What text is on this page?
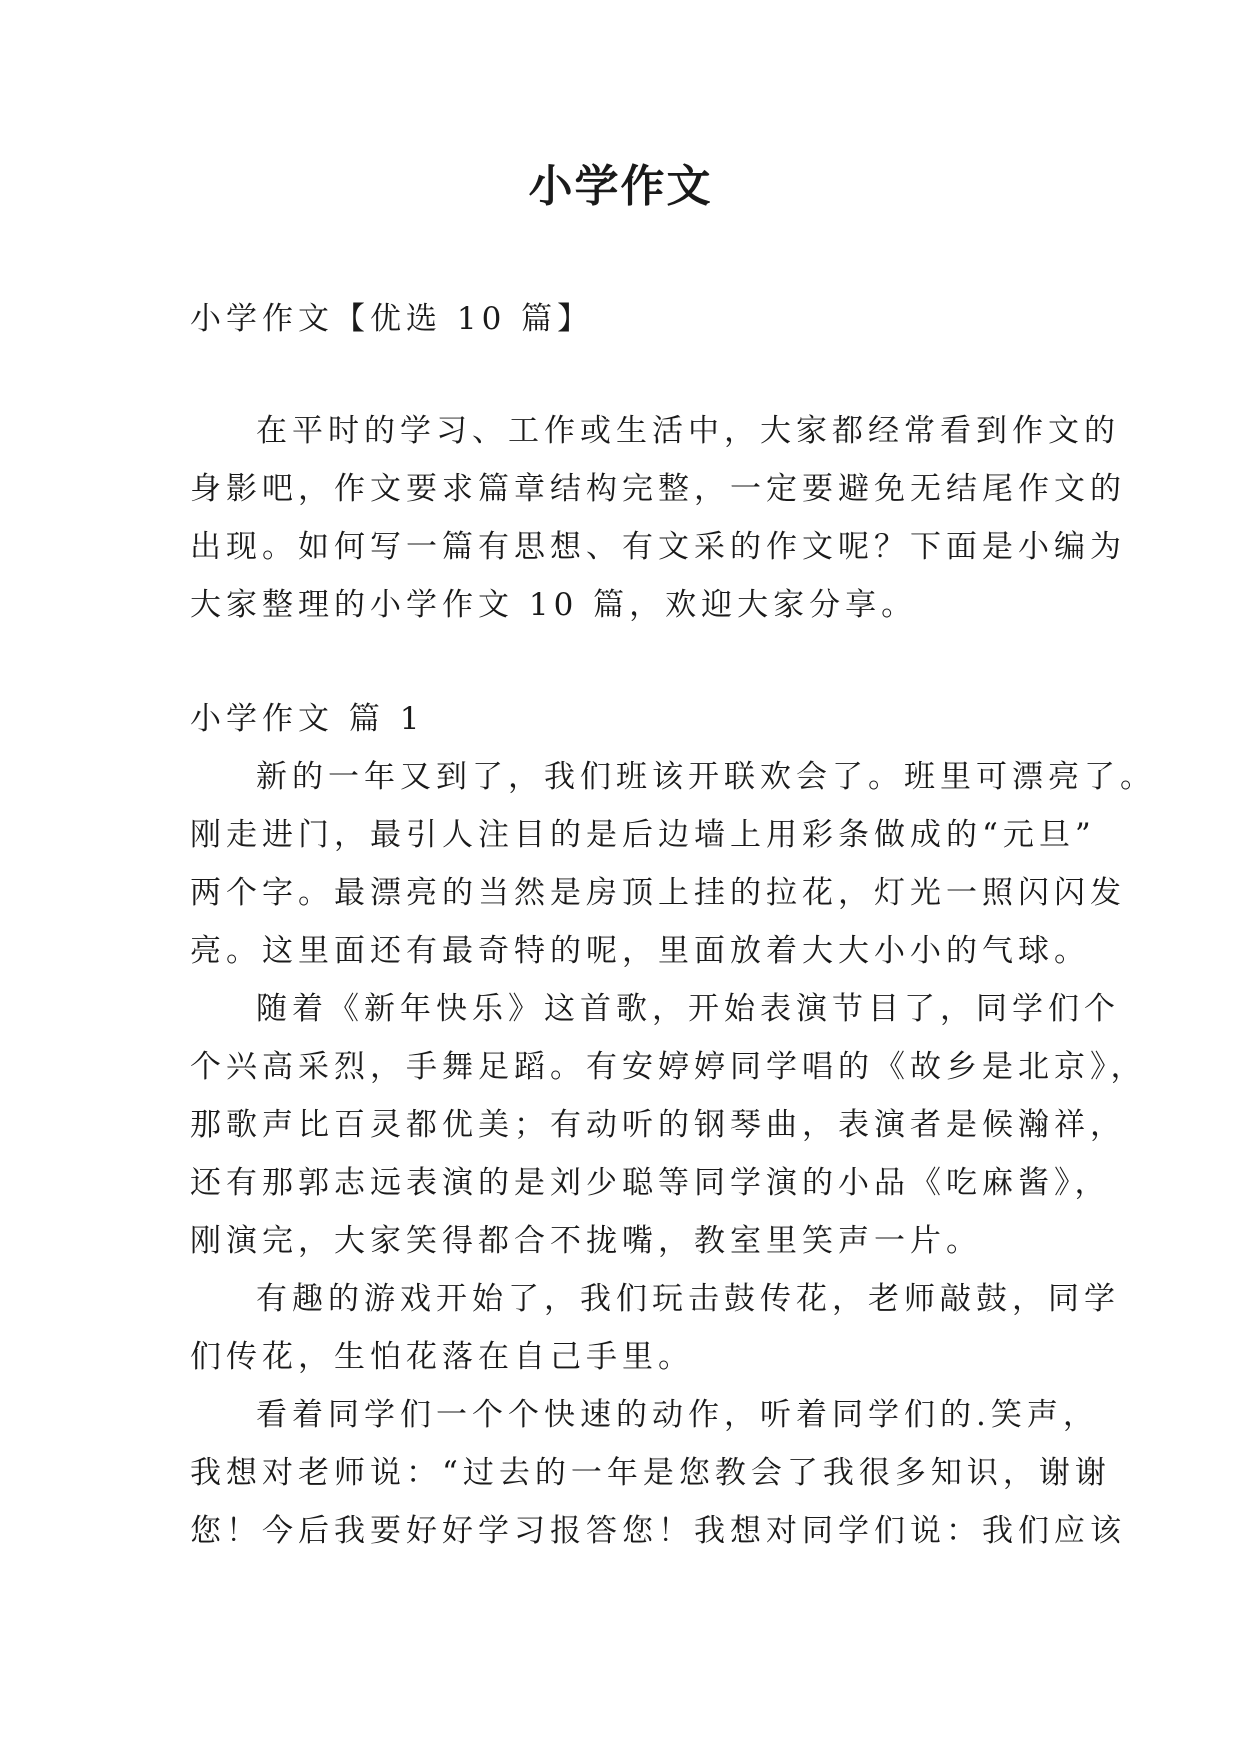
小学作文

小学作文【优选 10 篇】

在平时的学习、工作或生活中，大家都经常看到作文的

身影吧，作文要求篇章结构完整，一定要避免无结尾作文的

出现。如何写一篇有思想、有文采的作文呢？下面是小编为

大家整理的小学作文 10 篇，欢迎大家分享。

小学作文 篇 1

新的一年又到了，我们班该开联欢会了。班里可漂亮了。

刚走进门，最引人注目的是后边墙上用彩条做成的“元旦”

两个字。最漂亮的当然是房顶上挂的拉花，灯光一照闪闪发

亮。这里面还有最奇特的呢，里面放着大大小小的气球。

随着《新年快乐》这首歌，开始表演节目了，同学们个

个兴高采烈，手舞足蹈。有安婷婷同学唱的《故乡是北京》，

那歌声比百灵都优美；有动听的钢琴曲，表演者是候瀚祥，

还有那郭志远表演的是刘少聪等同学演的小品《吃麻酱》，

刚演完，大家笑得都合不拢嘴，教室里笑声一片。

有趣的游戏开始了，我们玩击鼓传花，老师敲鼓，同学

们传花，生怕花落在自己手里。

看着同学们一个个快速的动作，听着同学们的.笑声，

我想对老师说：“过去的一年是您教会了我很多知识，谢谢

您！今后我要好好学习报答您！我想对同学们说：我们应该
